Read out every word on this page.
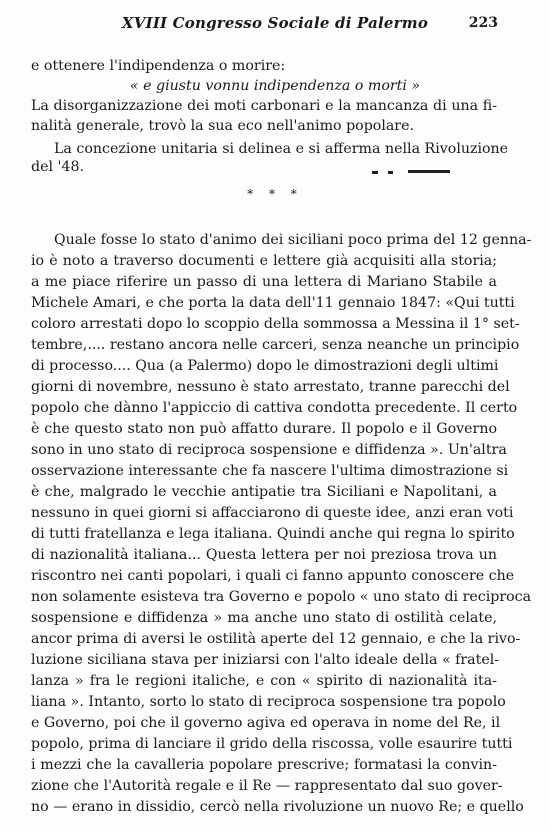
XVIII Congresso Sociale di Palermo	223
e ottenere l'indipendenza o morire:
« e giustu vonnu indipendenza o morti »
La disorganizzazione dei moti carbonari e la mancanza di una fi-
nalità generale, trovò la sua eco nell'animo popolare.
La concezione unitaria si delinea e si afferma nella Rivoluzione
del '48.
* * *
Quale fosse lo stato d'animo dei siciliani poco prima del 12 genna-
io è noto a traverso documenti e lettere già acquisiti alla storia;
a me piace riferire un passo di una lettera di Mariano Stabile a
Michele Amari, e che porta la data dell'11 gennaio 1847: «Qui tutti
coloro arrestati dopo lo scoppio della sommossa a Messina il 1° set-
tembre,.... restano ancora nelle carceri, senza neanche un principio
di processo.... Qua (a Palermo) dopo le dimostrazioni degli ultimi
giorni di novembre, nessuno è stato arrestato, tranne parecchi del
popolo che dànno l'appiccio di cattiva condotta precedente. Il certo
è che questo stato non può affatto durare. Il popolo e il Governo
sono in uno stato di reciproca sospensione e diffidenza ». Un'altra
osservazione interessante che fa nascere l'ultima dimostrazione si
è che, malgrado le vecchie antipatie tra Siciliani e Napolitani, a
nessuno in quei giorni si affacciarono di queste idee, anzi eran voti
di tutti fratellanza e lega italiana. Quindi anche qui regna lo spirito
di nazionalità italiana... Questa lettera per noi preziosa trova un
riscontro nei canti popolari, i quali ci fanno appunto conoscere che
non solamente esisteva tra Governo e popolo « uno stato di reciproca
sospensione e diffidenza » ma anche uno stato di ostilità celate,
ancor prima di aversi le ostilità aperte del 12 gennaio, e che la rivo-
luzione siciliana stava per iniziarsi con l'alto ideale della « fratel-
lanza » fra le regioni italiche, e con « spirito di nazionalità ita-
liana ». Intanto, sorto lo stato di reciproca sospensione tra popolo
e Governo, poi che il governo agiva ed operava in nome del Re, il
popolo, prima di lanciare il grido della riscossa, volle esaurire tutti
i mezzi che la cavalleria popolare prescrive; formatasi la convin-
zione che l'Autorità regale e il Re — rappresentato dal suo gover-
no — erano in dissidio, cercò nella rivoluzione un nuovo Re; e quello
